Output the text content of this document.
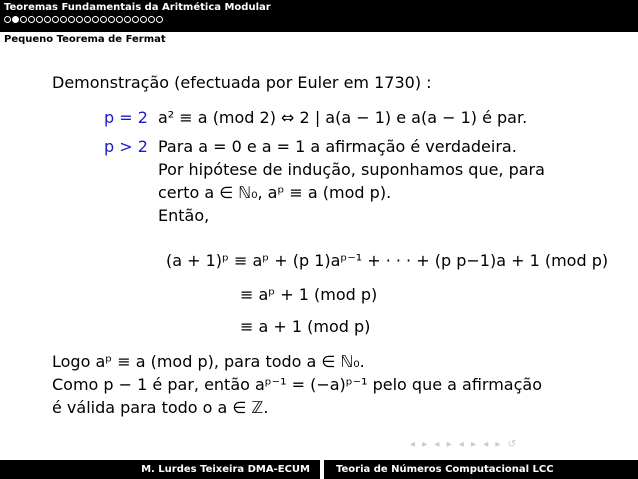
Teoremas Fundamentais da Aritmética Modular
Pequeno Teorema de Fermat
Demonstração (efectuada por Euler em 1730) :
p = 2 a² ≡ a (mod 2) ⇔ 2 | a(a − 1) e a(a − 1) é par.
p > 2 Para a = 0 e a = 1 a afirmação é verdadeira.
Por hipótese de indução, suponhamos que, para
certo a ∈ ℕ₀, aᵖ ≡ a (mod p).
Então,
(a + 1)ᵖ ≡ aᵖ + (p 1)aᵖ⁻¹ + · · · + (p p−1)a + 1 (mod p)
≡ aᵖ + 1 (mod p)
≡ a + 1 (mod p)
Logo aᵖ ≡ a (mod p), para todo a ∈ ℕ₀.
Como p − 1 é par, então aᵖ⁻¹ = (−a)ᵖ⁻¹ pelo que a afirmação
é válida para todo o a ∈ ℤ.
◂ ▸ ◂ ▸ ◂ ▸ ◂ ▸ ↺
M. Lurdes Teixeira DMA-ECUM	Teoria de Números Computacional LCC
